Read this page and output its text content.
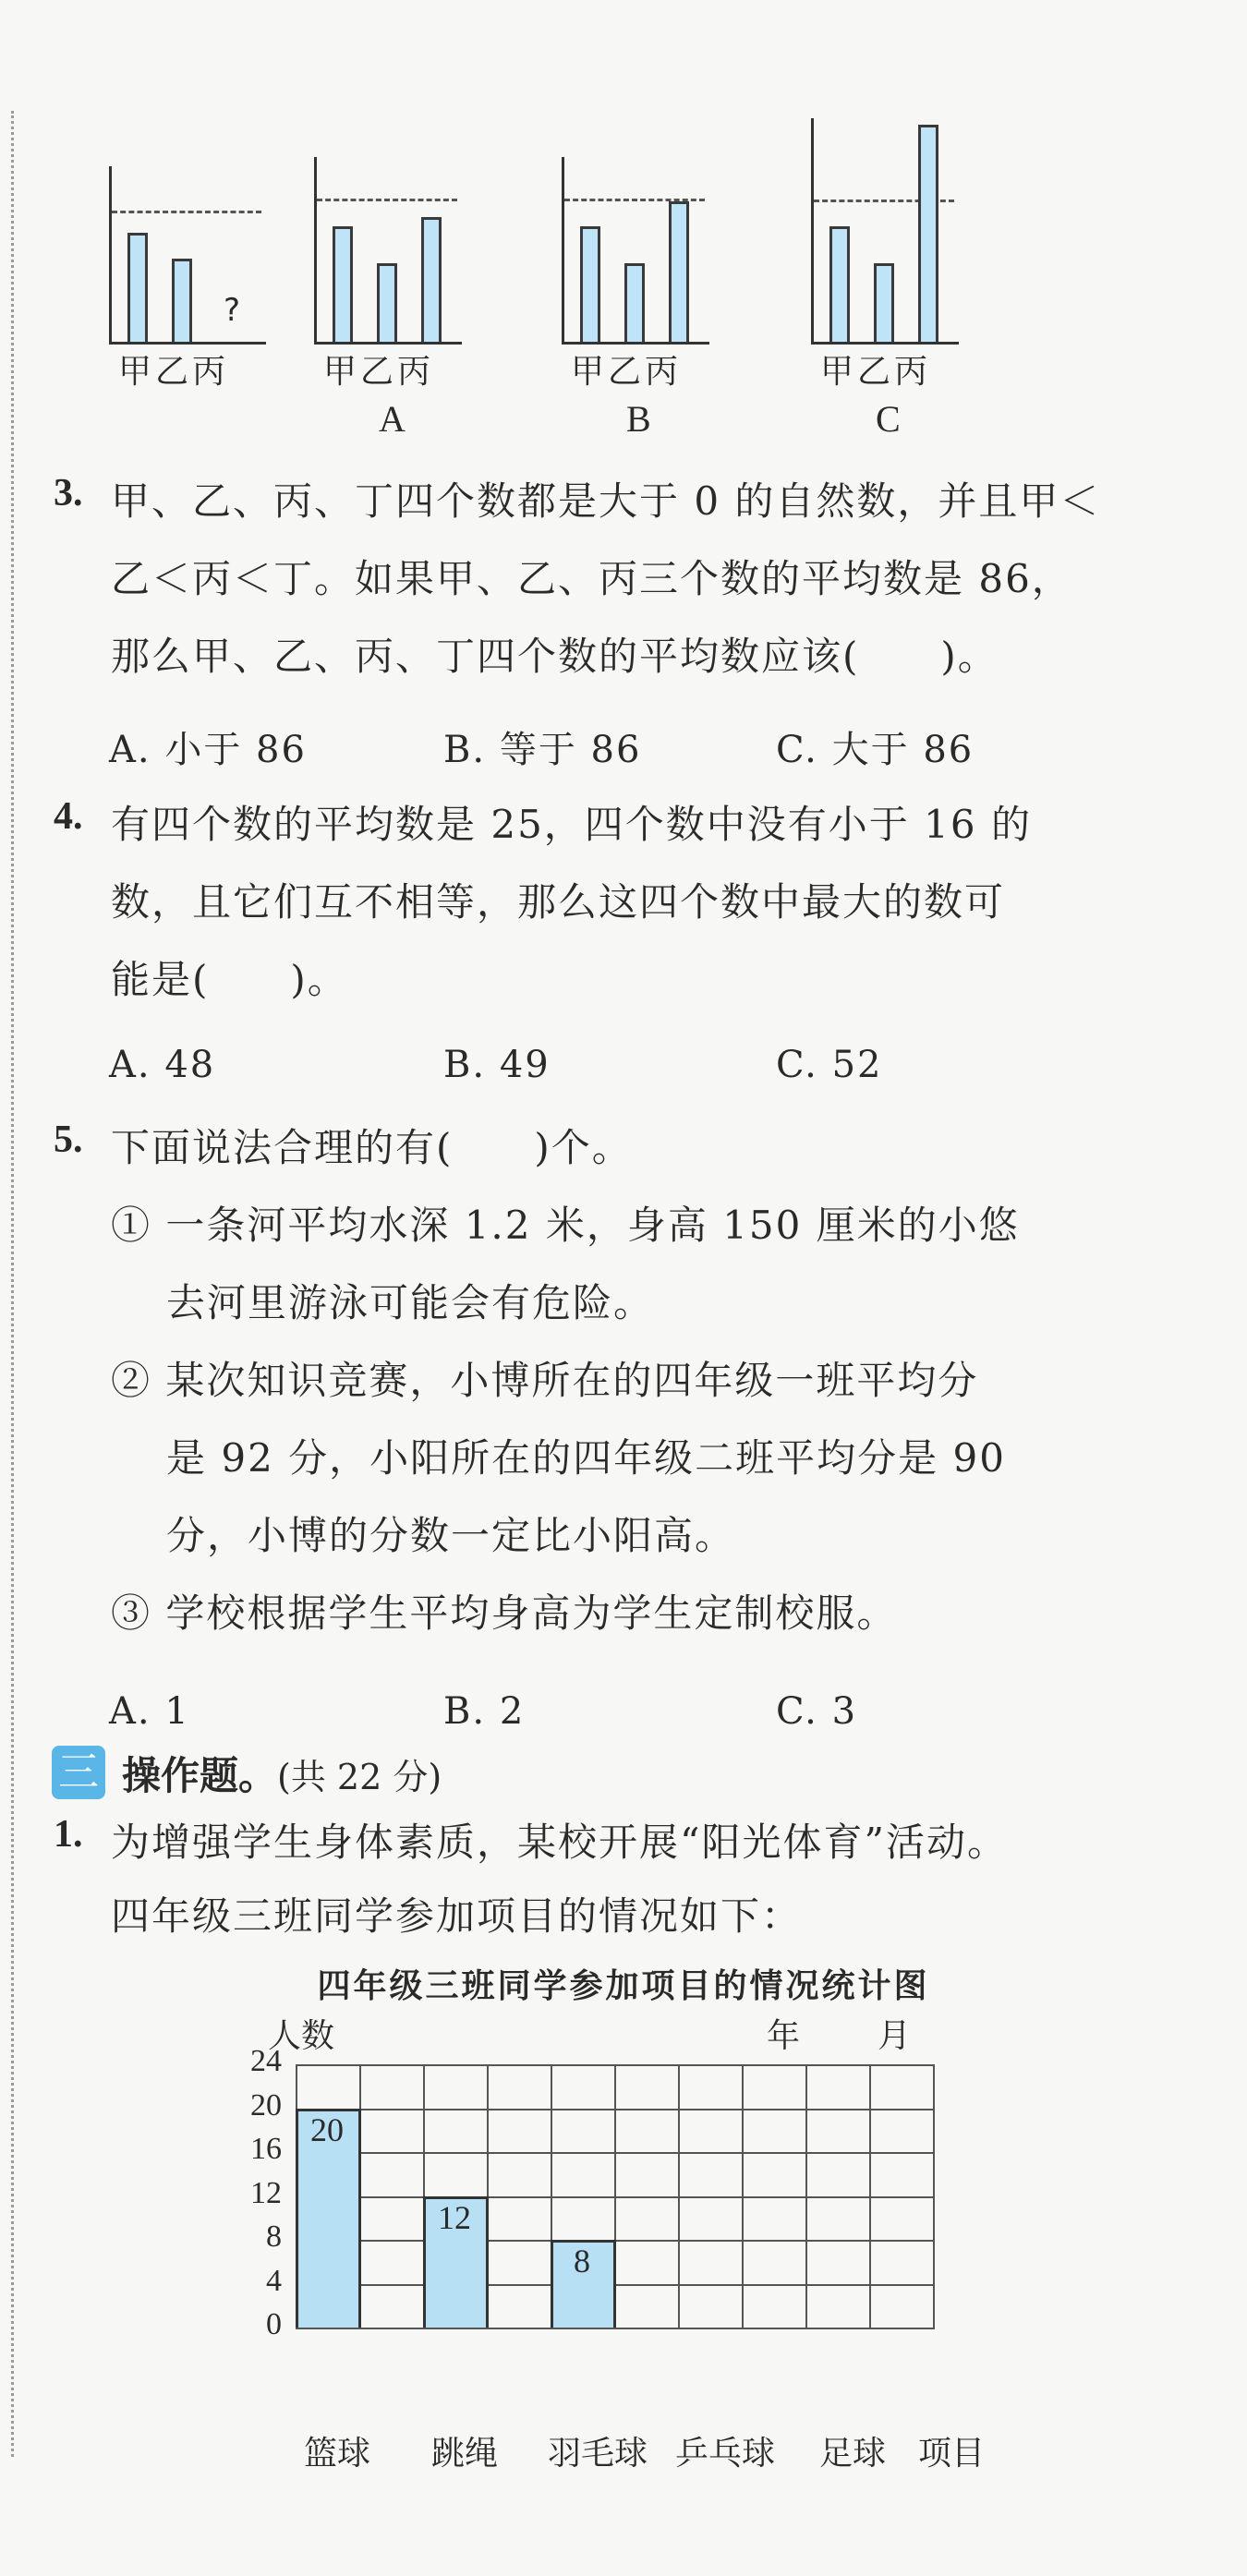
?
甲乙丙	甲乙丙
A
甲乙丙
B
甲乙丙
C
3. 甲、乙、丙、丁四个数都是大于 0 的自然数，并且甲＜
乙＜丙＜丁。如果甲、乙、丙三个数的平均数是 86，
那么甲、乙、丙、丁四个数的平均数应该(　　)。
A. 小于 86	B. 等于 86	C. 大于 86
4. 有四个数的平均数是 25，四个数中没有小于 16 的
数，且它们互不相等，那么这四个数中最大的数可
能是(　　)。
A. 48	B. 49	C. 52
5. 下面说法合理的有(　　)个。
① 一条河平均水深 1.2 米，身高 150 厘米的小悠
去河里游泳可能会有危险。
② 某次知识竞赛，小博所在的四年级一班平均分
是 92 分，小阳所在的四年级二班平均分是 90
分，小博的分数一定比小阳高。
③ 学校根据学生平均身高为学生定制校服。
A. 1	B. 2	C. 3
三 操作题。(共 22 分)
1. 为增强学生身体素质，某校开展“阳光体育”活动。
四年级三班同学参加项目的情况如下：
四年级三班同学参加项目的情况统计图
人数	年 月
20
12
8
0
4
8
12
16
20
24
篮球	跳绳	羽毛球 乒乓球	足球 项目
